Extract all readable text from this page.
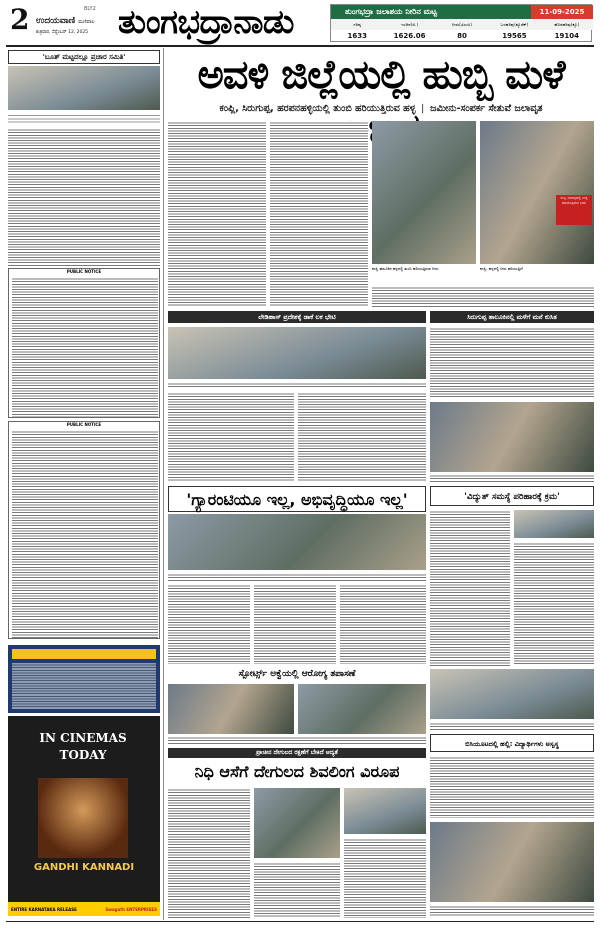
2	BLY2
ಉದಯವಾಣಿ ಮಣಿಪಾಲ
ಶುಕ್ರವಾರ, ಸೆಪ್ಟೆಂಬರ್ 12, 2025 ತುಂಗಭದ್ರಾನಾಡು	ತುಂಗಭದ್ರಾ ಜಲಾಶಯ ನೀರಿನ ಮಟ್ಟ	11-09-2025
ಗರಿಷ್ಠ	ಇಂದಿನ(ಅ.)	ನೀರು(ಟಿಎಂಸಿ)	ಒಳಹರಿವು(ಕ್ಯೂಸೆಕ್)	ಹೊರಹರಿವು(ಕ್ಯೂ)
1633	1626.06	80	19565	19104
'ಬೂತ್ ಮಟ್ಟದಲ್ಲೂ ಪ್ರಚಾರ ಸಮಿತಿ'
PUBLIC NOTICE
PUBLIC NOTICE
IN CINEMAS TODAY
GANDHI KANNADI
ENTIRE KARNATAKA RELEASE	Swagath ENTERPRISES
ಅವಳಿ ಜಿಲ್ಲೆಯಲ್ಲಿ ಹುಬ್ಬಿ ಮಳೆ
ಕಂಪ್ಲಿ, ಸಿರುಗುಪ್ಪ, ಹರಪನಹಳ್ಳಿಯಲ್ಲಿ ತುಂಬಿ ಹರಿಯುತ್ತಿರುವ ಹಳ್ಳ ❘ ಜಮೀನು-ಸಂಪರ್ಕ ಸೇತುವೆ ಜಲಾವೃತ
ಕಂಪ್ಲಿ ನರಿಹಳ್ಳದಲ್ಲಿ ಉಕ್ಕಿ ಹರಿಯುತ್ತಿರುವ ನೀರು
ಕಂಪ್ಲಿ ತಾಲೂಕಿನ ಹಳ್ಳದಲ್ಲಿ ತುಂಬಿ ಹರಿಯುತ್ತಿರುವ ನೀರು	ಕಂಪ್ಲಿ: ಹಳ್ಳದಲ್ಲಿ ನೀರು ಹರಿಯುತ್ತಿದೆ
ಲೇಡಿಹಾಸ್ ಪ್ರದೇಶಕ್ಕೆ ಡಾಕೆ ಲಕ ಭೇಟಿ	ಸಿರುಗುಪ್ಪ ತಾಲೂಕಿನಲ್ಲಿ ಮಳೆಗೆ ಮನೆ ಕುಸಿತ
'ಗ್ಯಾರಂಟಿಯೂ ಇಲ್ಲ, ಅಭಿವೃದ್ಧಿಯೂ ಇಲ್ಲ'	'ವಿದ್ಯುತ್ ಸಮಸ್ಯೆ ಪರಿಹಾರಕ್ಕೆ ಕ್ರಮ'
ಸ್ಪೋರ್ಟ್ಸ್ ಅಕ್ವೆಯಲ್ಲಿ ಆರೋಗ್ಯ ತಪಾಸಣೆ
ಪ್ರಾಚೀನ ದೇಗುಲದ ರಕ್ಷಣೆಗೆ ಬೇಕಿದೆ ಆದ್ಯತೆ
ನಿಧಿ ಆಸೆಗೆ ದೇಗುಲದ ಶಿವಲಿಂಗ ವಿರೂಪ
ಬಿಸಿಯೂಟದಲ್ಲಿ ಹಲ್ಲಿ: ವಿದ್ಯಾರ್ಥಿಗಳು ಅಸ್ವಸ್ಥ
